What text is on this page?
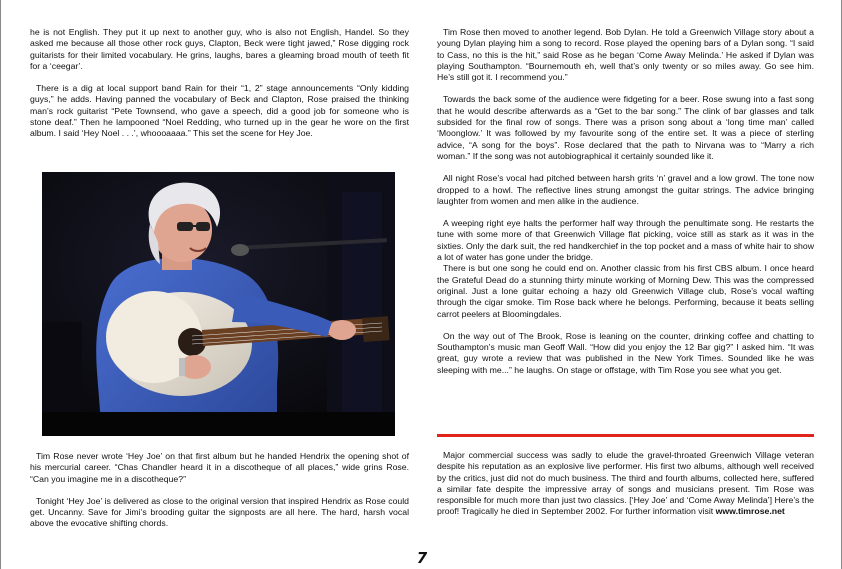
he is not English. They put it up next to another guy, who is also not English, Handel. So they asked me because all those other rock guys, Clapton, Beck were tight jawed,” Rose digging rock guitarists for their limited vocabulary. He grins, laughs, bares a gleaming broad mouth of teeth fit for a ‘ceegar’.

There is a dig at local support band Rain for their “1, 2” stage announcements “Only kidding guys,” he adds. Having panned the vocabulary of Beck and Clapton, Rose praised the thinking man’s rock guitarist “Pete Townsend, who gave a speech, did a good job for someone who is stone deaf.” Then he lampooned “Noel Redding, who turned up in the gear he wore on the first album. I said ‘Hey Noel . . .’, whoooaaaa.” This set the scene for Hey Joe.

Tim Rose never wrote ‘Hey Joe’ on that first album but he handed Hendrix the opening shot of his mercurial career. “Chas Chandler heard it in a discotheque of all places,” wide grins Rose. “Can you imagine me in a discotheque?”

Tonight ‘Hey Joe’ is delivered as close to the original version that inspired Hendrix as Rose could get. Uncanny. Save for Jimi’s brooding guitar the signposts are all here. The hard, harsh vocal above the evocative shifting chords.

Tim Rose then moved to another legend. Bob Dylan. He told a Greenwich Village story about a young Dylan playing him a song to record. Rose played the opening bars of a Dylan song. “I said to Cass, no this is the hit,” said Rose as he began ‘Come Away Melinda.’ He asked if Dylan was playing Southampton. “Bournemouth eh, well that’s only twenty or so miles away. Go see him. He’s still got it. I recommend you.”

Towards the back some of the audience were fidgeting for a beer. Rose swung into a fast song that he would describe afterwards as a “Get to the bar song.” The clink of bar glasses and talk subsided for the final row of songs. There was a prison song about a ‘long time man’ called ‘Moonglow.’ It was followed by my favourite song of the entire set. It was a piece of sterling advice, “A song for the boys”. Rose declared that the path to Nirvana was to “Marry a rich woman.” If the song was not autobiographical it certainly sounded like it.

All night Rose’s vocal had pitched between harsh grits ‘n’ gravel and a low growl. The tone now dropped to a howl. The reflective lines strung amongst the guitar strings. The advice bringing laughter from women and men alike in the audience.

A weeping right eye halts the performer half way through the penultimate song. He restarts the tune with some more of that Greenwich Village flat picking, voice still as stark as it was in the sixties. Only the dark suit, the red handkerchief in the top pocket and a mass of white hair to show a lot of water has gone under the bridge.

There is but one song he could end on. Another classic from his first CBS album. I once heard the Grateful Dead do a stunning thirty minute working of Morning Dew. This was the compressed original. Just a lone guitar echoing a hazy old Greenwich Village club, Rose’s vocal wafting through the cigar smoke. Tim Rose back where he belongs. Performing, because it beats selling carrot peelers at Bloomingdales.

On the way out of The Brook, Rose is leaning on the counter, drinking coffee and chatting to Southampton’s music man Geoff Wall. “How did you enjoy the 12 Bar gig?” I asked him. “It was great, guy wrote a review that was published in the New York Times. Sounded like he was sleeping with me...” he laughs. On stage or offstage, with Tim Rose you see what you get.

Major commercial success was sadly to elude the gravel-throated Greenwich Village veteran despite his reputation as an explosive live performer. His first two albums, although well received by the critics, just did not do much business. The third and fourth albums, collected here, suffered a similar fate despite the impressive array of songs and musicians present. Tim Rose was responsible for much more than just two classics. [‘Hey Joe’ and ‘Come Away Melinda’] Here’s the proof! Tragically he died in September 2002. For further information visit www.timrose.net

7
